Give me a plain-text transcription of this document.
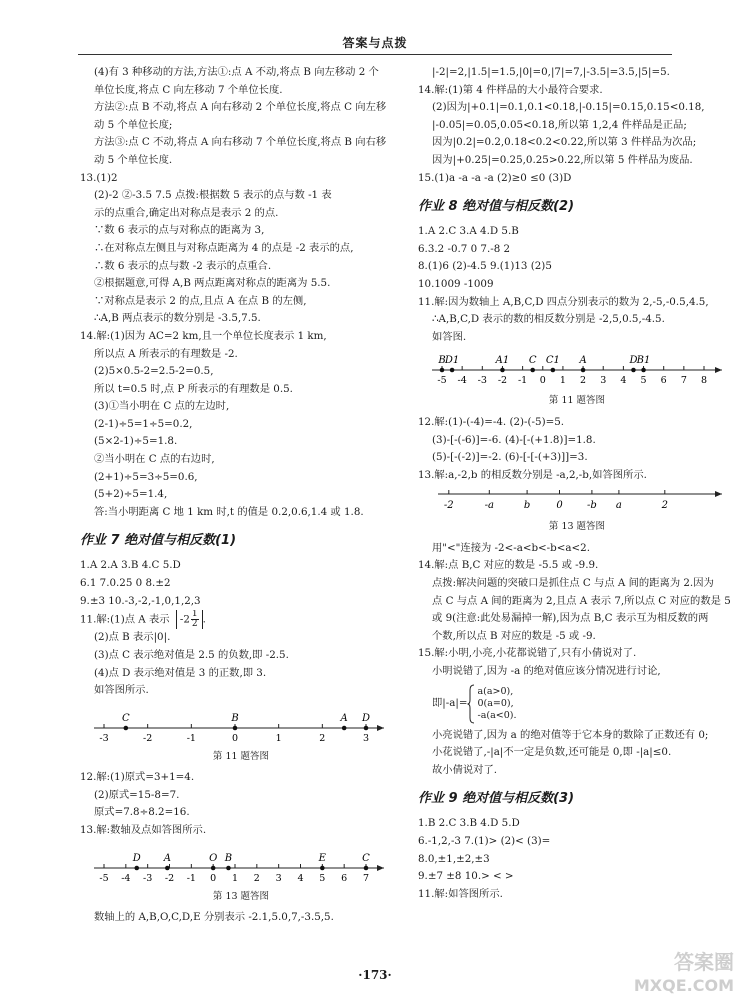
答案与点拨
(4)有 3 种移动的方法,方法①:点 A 不动,将点 B 向左移动 2 个
单位长度,将点 C 向左移动 7 个单位长度.
方法②:点 B 不动,将点 A 向右移动 2 个单位长度,将点 C 向左移
动 5 个单位长度;
方法③:点 C 不动,将点 A 向右移动 7 个单位长度,将点 B 向右移
动 5 个单位长度.
13.(1)2
(2)-2 ②-3.5 7.5 点拨:根据数 5 表示的点与数 -1 表
示的点重合,确定出对称点是表示 2 的点.
∵数 6 表示的点与对称点的距离为 3,
∴在对称点左侧且与对称点距离为 4 的点是 -2 表示的点,
∴数 6 表示的点与数 -2 表示的点重合.
②根据题意,可得 A,B 两点距离对称点的距离为 5.5.
∵对称点是表示 2 的点,且点 A 在点 B 的左侧,
∴A,B 两点表示的数分别是 -3.5,7.5.
14.解:(1)因为 AC=2 km,且一个单位长度表示 1 km,
所以点 A 所表示的有理数是 -2.
(2)5×0.5-2=2.5-2=0.5,
所以 t=0.5 时,点 P 所表示的有理数是 0.5.
(3)①当小明在 C 点的左边时,
(2-1)÷5=1÷5=0.2,
(5×2-1)÷5=1.8.
②当小明在 C 点的右边时,
(2+1)÷5=3÷5=0.6,
(5+2)÷5=1.4,
答:当小明距离 C 地 1 km 时,t 的值是 0.2,0.6,1.4 或 1.8.
作业 7 绝对值与相反数(1)
1.A 2.A 3.B 4.C 5.D
6.1 7.0.25 0 8.±2
9.±3 10.-3,-2,-1,0,1,2,3
11.解:(1)点 A 表示 $-2 \frac{1}{2}$ .
(2)点 B 表示|0|.
(3)点 C 表示绝对值是 2.5 的负数,即 -2.5.
(4)点 D 表示绝对值是 3 的正数,即 3.
如答图所示.
-3	-2	-1	0	1	2	3
C	B	A D
第 11 题答图
12.解:(1)原式=3+1=4.
(2)原式=15-8=7.
原式=7.8÷8.2=16.
13.解:数轴及点如答图所示.
-5 -4 -3 -2 -1 0 1 2 3 4 5 6 7
D A	O B	E	C
第 13 题答图
数轴上的 A,B,O,C,D,E 分别表示 -2.1,5.0,7,-3.5,5.
|-2|=2,|1.5|=1.5,|0|=0,|7|=7,|-3.5|=3.5,|5|=5.
14.解:(1)第 4 件样品的大小最符合要求.
(2)因为|+0.1|=0.1,0.1<0.18,|-0.15|=0.15,0.15<0.18,
|-0.05|=0.05,0.05<0.18,所以第 1,2,4 件样品是正品;
因为|0.2|=0.2,0.18<0.2<0.22,所以第 3 件样品为次品;
因为|+0.25|=0.25,0.25>0.22,所以第 5 件样品为废品.
15.(1)a -a -a -a (2)≥0 ≤0 (3)D
作业 8 绝对值与相反数(2)
1.A 2.C 3.A 4.D 5.B
6.3.2 -0.7 0 7.-8 2
8.(1)6 (2)-4.5 9.(1)13 (2)5
10.1009 -1009
11.解:因为数轴上 A,B,C,D 四点分别表示的数为 2,-5,-0.5,4.5,
∴A,B,C,D 表示的数的相反数分别是 -2,5,0.5,-4.5.
如答图.
-5 -4 -3 -2 -1 0 1 2 3 4 5 6 7 8
B D1	A1 C C1 A	D B1
第 11 题答图
12.解:(1)-(-4)=-4. (2)-(-5)=5.
(3)-[-(-6)]=-6. (4)-[-(+1.8)]=1.8.
(5)-[-(-2)]=-2. (6)-[-[-(+3)]]=3.
13.解:a,-2,b 的相反数分别是 -a,2,-b,如答图所示.
-2	-a	b	0 -b a	2
第 13 题答图
用"<"连接为 -2<-a<b<-b<a<2.
14.解:点 B,C 对应的数是 -5.5 或 -9.9.
点拨:解决问题的突破口是抓住点 C 与点 A 间的距离为 2.因为
点 C 与点 A 间的距离为 2,且点 A 表示 7,所以点 C 对应的数是 5
或 9(注意:此处易漏掉一解),因为点 B,C 表示互为相反数的两
个数,所以点 B 对应的数是 -5 或 -9.
15.解:小明,小亮,小花都说错了,只有小倩说对了.
小明说错了,因为 -a 的绝对值应该分情况进行讨论,
即|-a|=
a(a>0),
0(a=0),
-a(a<0).
小亮说错了,因为 a 的绝对值等于它本身的数除了正数还有 0;
小花说错了,-|a|不一定是负数,还可能是 0,即 -|a|≤0.
故小倩说对了.
作业 9 绝对值与相反数(3)
1.B 2.C 3.B 4.D 5.D
6.-1,2,-3 7.(1)> (2)< (3)=
8.0,±1,±2,±3
9.±7 ±8 10.> < >
11.解:如答图所示.
·173·
答案圈
MXQE.COM
